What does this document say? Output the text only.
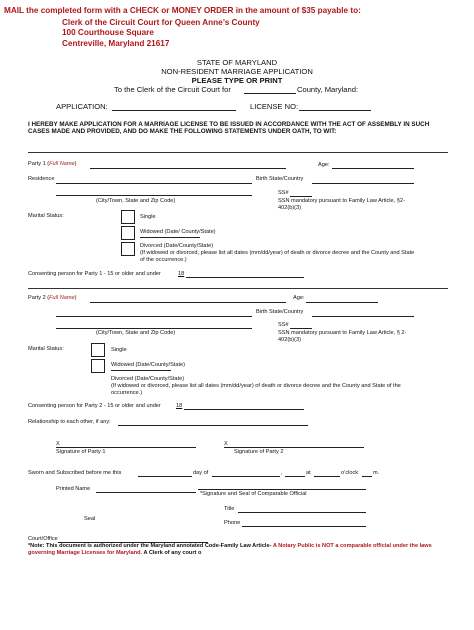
MAIL the completed form with a CHECK or MONEY ORDER in the amount of $35 payable to:
Clerk of the Circuit Court for Queen Anne’s County
100 Courthouse Square
Centreville, Maryland 21617
STATE OF MARYLAND
NON-RESIDENT MARRIAGE APPLICATION
PLEASE TYPE OR PRINT
To the Clerk of the Circuit Court for	County, Maryland:
APPLICATION:	LICENSE NO:
I HEREBY MAKE APPLICATION FOR A MARRIAGE LICENSE TO BE ISSUED IN ACCORDANCE WITH THE ACT OF ASSEMBLY IN SUCH CASES MADE AND PROVIDED, AND DO MAKE THE FOLLOWING STATEMENTS UNDER OATH, TO WIT:
Party 1 (Full Name)	Age:
Residence	Birth State/Country
SS#
(City/Town, State and Zip Code)	SSN mandatory pursuant to Family Law Article, §2-402(b)(3)
Marital Status:	Single
Widowed (Date/ County/State)
Divorced (Date/County/State)
(If widowed or divorced, please list all dates (mm/dd/year) of death or divorce decree and the County and State of the occurrence.)
Consenting person for Party 1 - 15 or older and under	18
Party 2 (Full Name)	Age:
Birth State/Country
SS#
(City/Town, State and Zip Code)	SSN mandatory pursuant to Family Law Article, § 2-402(b)(3)
Marital Status:	Single
Widowed (Date/County/State)
Divorced (Date/County/State)
(If widowed or divorced, please list all dates (mm/dd/year) of death or divorce decree and the County and State of the occurrence.)
Consenting person for Party 2 - 15 or older and under	18
Relationship to each other, if any:
X	X
Signature of Party 1	Signature of Party 2
Sworn and Subscribed before me this	day of	,	at	o’clock	m.
Printed Name
*Signature and Seal of Comparable Official
Seal
Title
Phone
Court/Office
*Note: This document is authorized under the Maryland annotated Code-Family Law Article- A Notary Public is NOT a comparable official under the laws governing Marriage Licenses for Maryland. A Clerk of any court o
